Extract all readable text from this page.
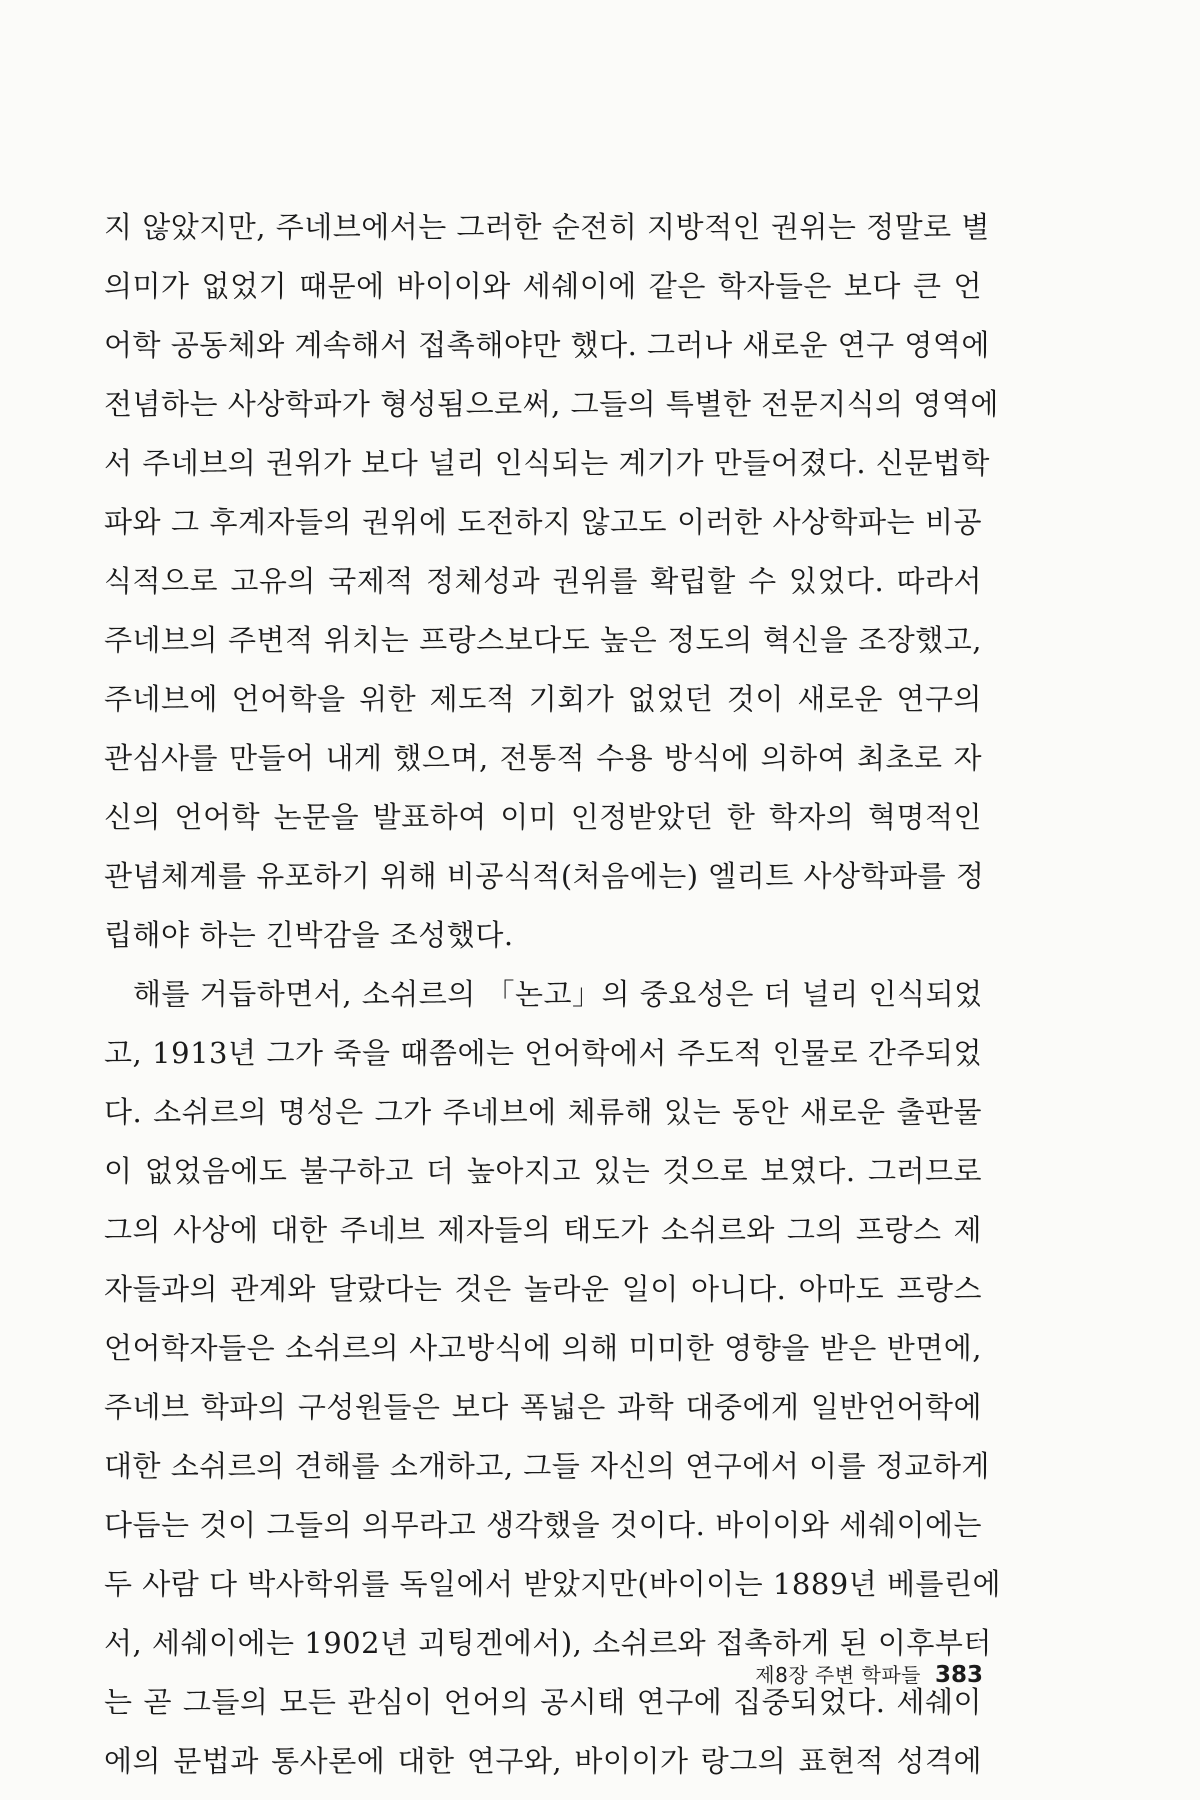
지 않았지만, 주네브에서는 그러한 순전히 지방적인 권위는 정말로 별
의미가 없었기 때문에 바이이와 세쉐이에 같은 학자들은 보다 큰 언
어학 공동체와 계속해서 접촉해야만 했다. 그러나 새로운 연구 영역에
전념하는 사상학파가 형성됨으로써, 그들의 특별한 전문지식의 영역에
서 주네브의 권위가 보다 널리 인식되는 계기가 만들어졌다. 신문법학
파와 그 후계자들의 권위에 도전하지 않고도 이러한 사상학파는 비공
식적으로 고유의 국제적 정체성과 권위를 확립할 수 있었다. 따라서
주네브의 주변적 위치는 프랑스보다도 높은 정도의 혁신을 조장했고,
주네브에 언어학을 위한 제도적 기회가 없었던 것이 새로운 연구의
관심사를 만들어 내게 했으며, 전통적 수용 방식에 의하여 최초로 자
신의 언어학 논문을 발표하여 이미 인정받았던 한 학자의 혁명적인
관념체계를 유포하기 위해 비공식적(처음에는) 엘리트 사상학파를 정
립해야 하는 긴박감을 조성했다.
해를 거듭하면서, 소쉬르의 「논고」의 중요성은 더 널리 인식되었
고, 1913년 그가 죽을 때쯤에는 언어학에서 주도적 인물로 간주되었
다. 소쉬르의 명성은 그가 주네브에 체류해 있는 동안 새로운 출판물
이 없었음에도 불구하고 더 높아지고 있는 것으로 보였다. 그러므로
그의 사상에 대한 주네브 제자들의 태도가 소쉬르와 그의 프랑스 제
자들과의 관계와 달랐다는 것은 놀라운 일이 아니다. 아마도 프랑스
언어학자들은 소쉬르의 사고방식에 의해 미미한 영향을 받은 반면에,
주네브 학파의 구성원들은 보다 폭넓은 과학 대중에게 일반언어학에
대한 소쉬르의 견해를 소개하고, 그들 자신의 연구에서 이를 정교하게
다듬는 것이 그들의 의무라고 생각했을 것이다. 바이이와 세쉐이에는
두 사람 다 박사학위를 독일에서 받았지만(바이이는 1889년 베를린에
서, 세쉐이에는 1902년 괴팅겐에서), 소쉬르와 접촉하게 된 이후부터
는 곧 그들의 모든 관심이 언어의 공시태 연구에 집중되었다. 세쉐이
에의 문법과 통사론에 대한 연구와, 바이이가 랑그의 표현적 성격에
제8장 주변 학파들 383
